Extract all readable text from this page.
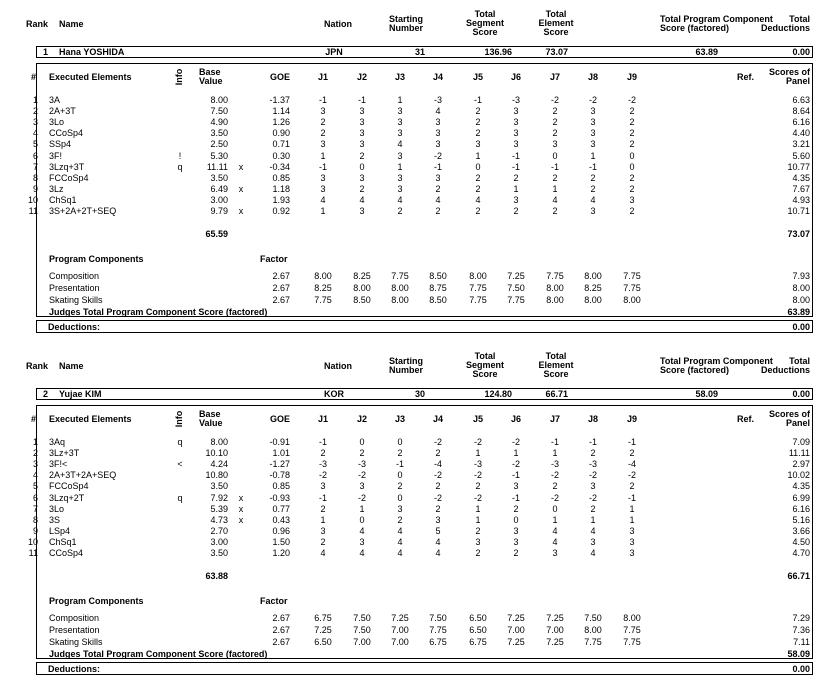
Rank Name	Nation	Starting
Number
Total
Segment
Score
Total
Element
Score
Total Program Component
Score (factored)
Total
Deductions
1 Hana YOSHIDA	JPN	31	136.96	73.07	63.89	0.00
# Executed Elements	Info Base
Value	GOE	J1	J2	J3	J4	J5	J6	J7	J8	J9	Ref.	Scores of
Panel
1 3A	8.00	-1.37	-1	-1	1	-3	-1	-3	-2	-2	-2	6.63
2 2A+3T	7.50	1.14	3	3	3	4	2	3	2	3	2	8.64
3 3Lo	4.90	1.26	2	3	3	3	2	3	2	3	2	6.16
4 CCoSp4	3.50	0.90	2	3	3	3	2	3	2	3	2	4.40
5 SSp4	2.50	0.71	3	3	4	3	3	3	3	3	2	3.21
6 3F!	!	5.30	0.30	1	2	3	-2	1	-1	0	1	0	5.60
7 3Lzq+3T	q	11.11	x	-0.34	-1	0	1	-1	0	-1	-1	-1	0	10.77
8 FCCoSp4	3.50	0.85	3	3	3	3	2	2	2	2	2	4.35
9 3Lz	6.49	x	1.18	3	2	3	2	2	1	1	2	2	7.67
10 ChSq1	3.00	1.93	4	4	4	4	4	3	4	4	3	4.93
11 3S+2A+2T+SEQ	9.79	x	0.92	1	3	2	2	2	2	2	3	2	10.71
65.59	73.07
Program Components	Factor
Composition	2.67	8.00	8.25	7.75	8.50	8.00	7.25	7.75	8.00	7.75	7.93
Presentation	2.67	8.25	8.00	8.00	8.75	7.75	7.50	8.00	8.25	7.75	8.00
Skating Skills	2.67	7.75	8.50	8.00	8.50	7.75	7.75	8.00	8.00	8.00	8.00
Judges Total Program Component Score (factored)	63.89
Deductions:	0.00
Rank Name	Nation	Starting
Number
Total
Segment
Score
Total
Element
Score
Total Program Component
Score (factored)
Total
Deductions
2 Yujae KIM	KOR	30	124.80	66.71	58.09	0.00
# Executed Elements	Info Base
Value	GOE	J1	J2	J3	J4	J5	J6	J7	J8	J9	Ref.	Scores of
Panel
1 3Aq	q	8.00	-0.91	-1	0	0	-2	-2	-2	-1	-1	-1	7.09
2 3Lz+3T	10.10	1.01	2	2	2	2	1	1	1	2	2	11.11
3 3F!<	<	4.24	-1.27	-3	-3	-1	-4	-3	-2	-3	-3	-4	2.97
4 2A+3T+2A+SEQ	10.80	-0.78	-2	-2	0	-2	-2	-1	-2	-2	-2	10.02
5 FCCoSp4	3.50	0.85	3	3	2	2	2	3	2	3	2	4.35
6 3Lzq+2T	q	7.92	x	-0.93	-1	-2	0	-2	-2	-1	-2	-2	-1	6.99
7 3Lo	5.39	x	0.77	2	1	3	2	1	2	0	2	1	6.16
8 3S	4.73	x	0.43	1	0	2	3	1	0	1	1	1	5.16
9 LSp4	2.70	0.96	3	4	4	5	2	3	4	4	3	3.66
10 ChSq1	3.00	1.50	2	3	4	4	3	3	4	3	3	4.50
11 CCoSp4	3.50	1.20	4	4	4	4	2	2	3	4	3	4.70
63.88	66.71
Program Components	Factor
Composition	2.67	6.75	7.50	7.25	7.50	6.50	7.25	7.25	7.50	8.00	7.29
Presentation	2.67	7.25	7.50	7.00	7.75	6.50	7.00	7.00	8.00	7.75	7.36
Skating Skills	2.67	6.50	7.00	7.00	6.75	6.75	7.25	7.25	7.75	7.75	7.11
Judges Total Program Component Score (factored)	58.09
Deductions:	0.00
